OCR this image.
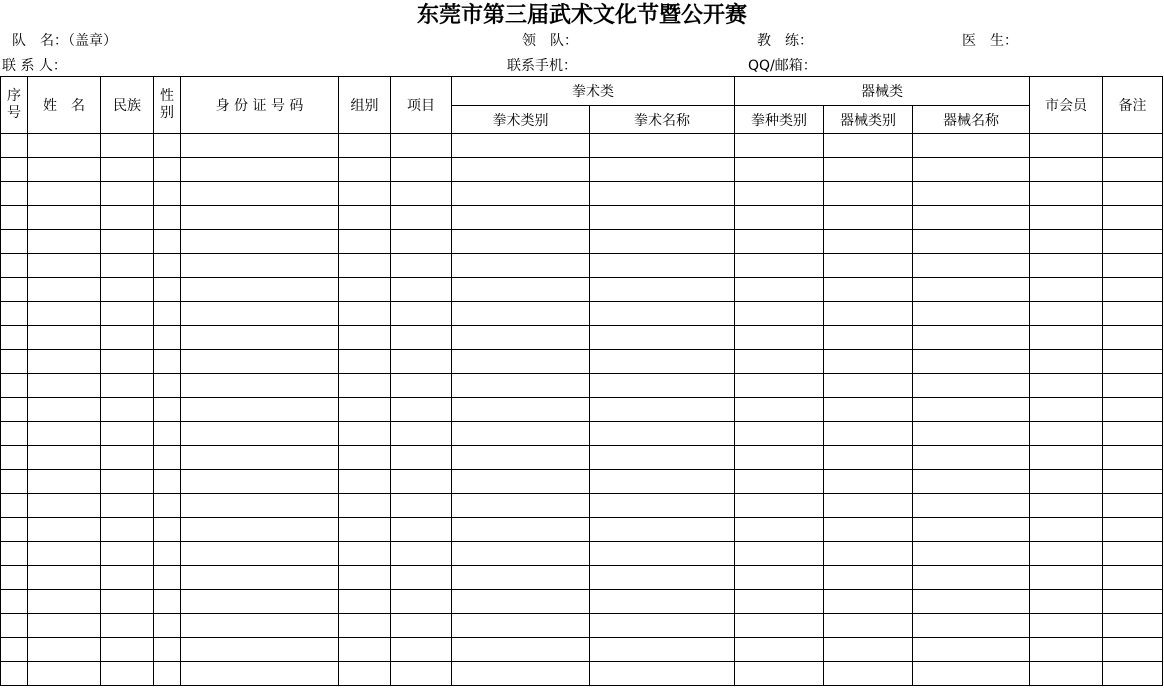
东莞市第三届武术文化节暨公开赛
队　名：（盖章）	领　队：	教　练：	医　生：
联 系 人：	联系手机：	QQ/邮箱：
序号	姓　名	民族	性别	身 份 证 号 码	组别	项目	拳术类		器械类			市会员	备注
							拳术类别	拳术名称	拳种类别	器械类别	器械名称		
